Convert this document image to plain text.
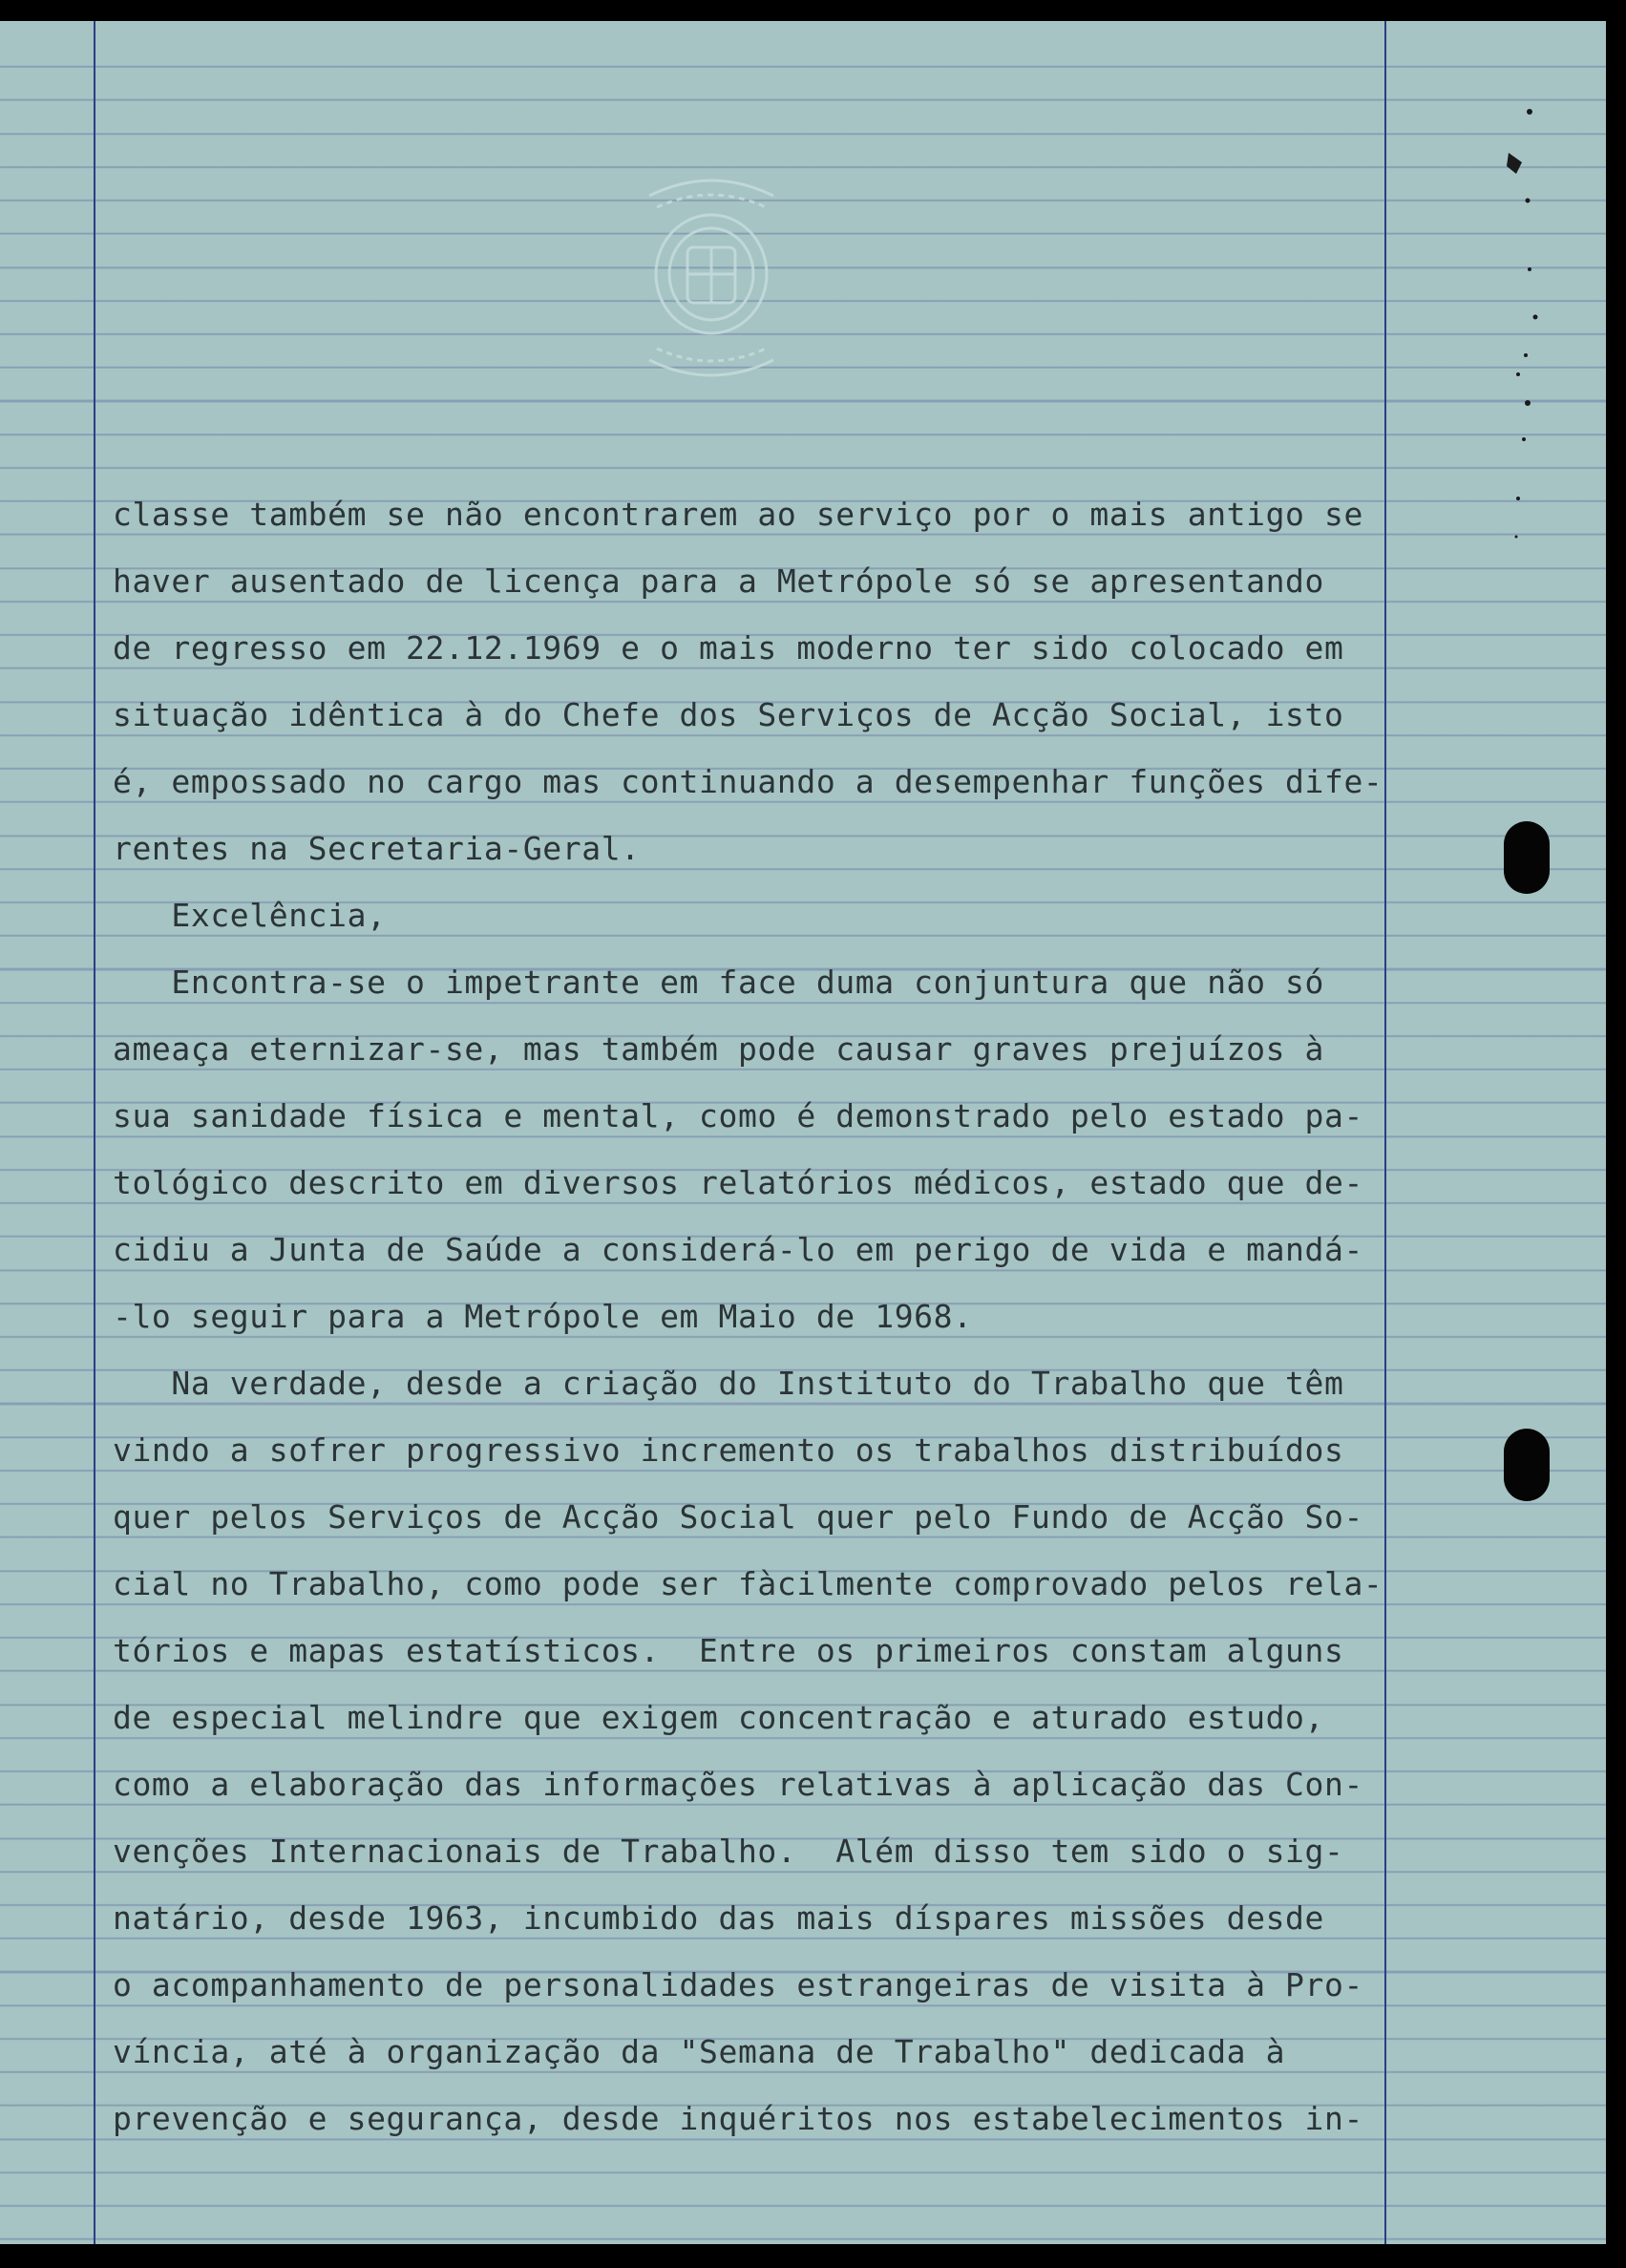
classe também se não encontrarem ao serviço por o mais antigo se
haver ausentado de licença para a Metrópole só se apresentando
de regresso em 22.12.1969 e o mais moderno ter sido colocado em
situação idêntica à do Chefe dos Serviços de Acção Social, isto
é, empossado no cargo mas continuando a desempenhar funções dife-
rentes na Secretaria-Geral.
Excelência,
Encontra-se o impetrante em face duma conjuntura que não só
ameaça eternizar-se, mas também pode causar graves prejuízos à
sua sanidade física e mental, como é demonstrado pelo estado pa-
tológico descrito em diversos relatórios médicos, estado que de-
cidiu a Junta de Saúde a considerá-lo em perigo de vida e mandá-
-lo seguir para a Metrópole em Maio de 1968.
Na verdade, desde a criação do Instituto do Trabalho que têm
vindo a sofrer progressivo incremento os trabalhos distribuídos
quer pelos Serviços de Acção Social quer pelo Fundo de Acção So-
cial no Trabalho, como pode ser fàcilmente comprovado pelos rela-
tórios e mapas estatísticos.  Entre os primeiros constam alguns
de especial melindre que exigem concentração e aturado estudo,
como a elaboração das informações relativas à aplicação das Con-
venções Internacionais de Trabalho.  Além disso tem sido o sig-
natário, desde 1963, incumbido das mais díspares missões desde
o acompanhamento de personalidades estrangeiras de visita à Pro-
víncia, até à organização da "Semana de Trabalho" dedicada à
prevenção e segurança, desde inquéritos nos estabelecimentos in-
